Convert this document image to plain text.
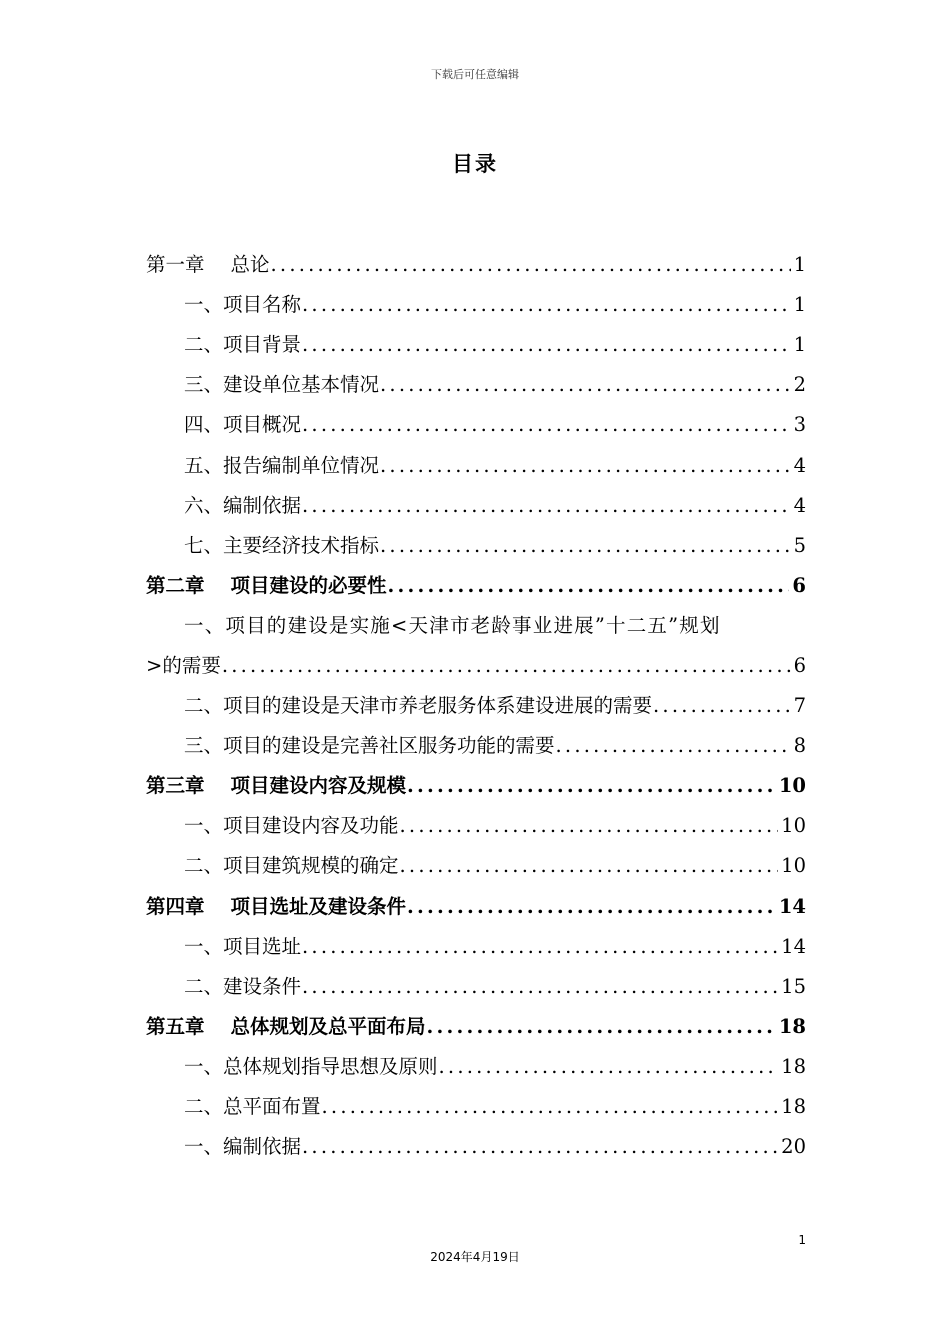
下载后可任意编辑
目录
第一章 总论 .....	1
一、项目名称 .....	1
二、项目背景 .....	1
三、建设单位基本情况 .....	2
四、项目概况 .....	3
五、报告编制单位情况 .....	4
六、编制依据 .....	4
七、主要经济技术指标 .....	5
第二章 项目建设的必要性 .....	6
一、项目的建设是实施<天津市老龄事业进展”十二五”规划
>的需要 .....	6
二、项目的建设是天津市养老服务体系建设进展的需要 .....	7
三、项目的建设是完善社区服务功能的需要 .....	8
第三章 项目建设内容及规模 .....	10
一、项目建设内容及功能 .....	10
二、项目建筑规模的确定 .....	10
第四章 项目选址及建设条件 .....	14
一、项目选址 .....	14
二、建设条件 .....	15
第五章 总体规划及总平面布局 .....	18
一、总体规划指导思想及原则 .....	18
二、总平面布置 .....	18
一、编制依据 .....	20
1
2024年4月19日
